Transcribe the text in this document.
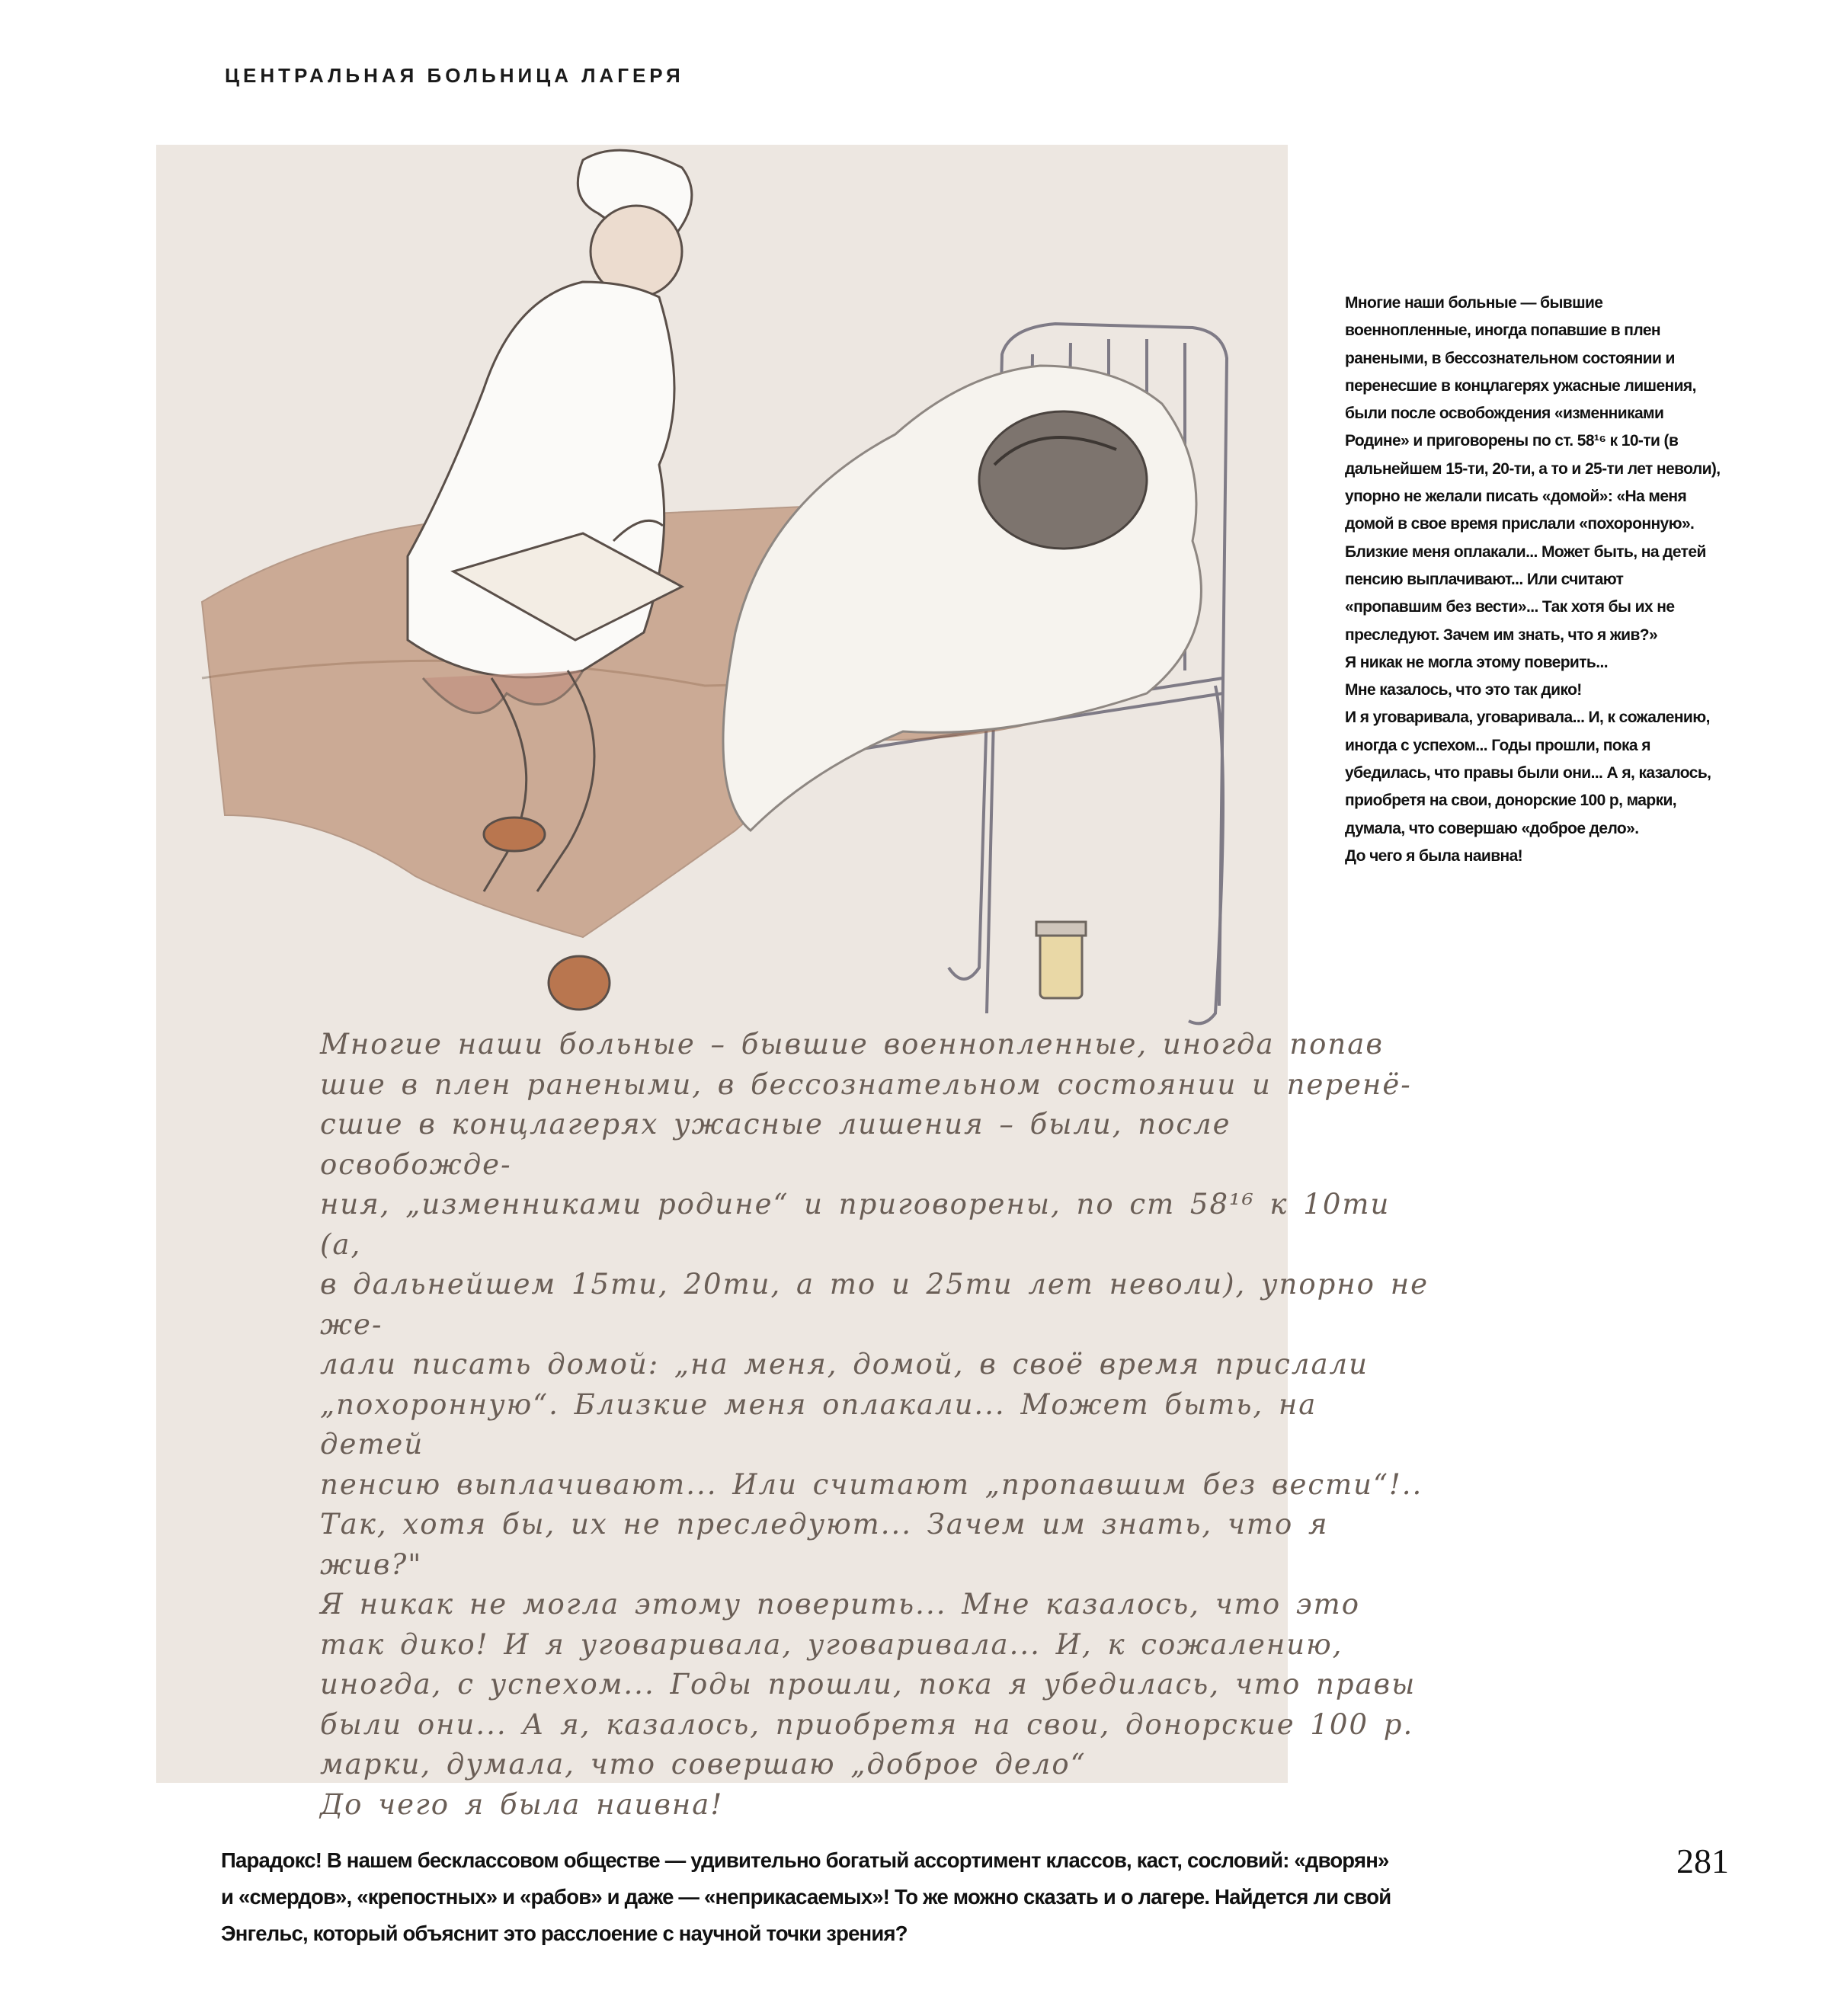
ЦЕНТРАЛЬНАЯ БОЛЬНИЦА ЛАГЕРЯ
Многие наши больные – бывшие военнопленные, иногда попав
шие в плен ранеными, в бессознательном состоянии и перенё-
сшие в концлагерях ужасные лишения – были, после освобожде-
ния, „изменниками родине“ и приговорены, по ст 58¹⁶ к 10ти (а,
в дальнейшем 15ти, 20ти, а то и 25ти лет неволи), упорно не же-
лали писать домой: „на меня, домой, в своё время прислали
„похоронную“. Близкие меня оплакали... Может быть, на детей
пенсию выплачивают... Или считают „пропавшим без вести“!..
Так, хотя бы, их не преследуют... Зачем им знать, что я жив?"
Я никак не могла этому поверить... Мне казалось, что это
так дико! И я уговаривала, уговаривала... И, к сожалению,
иногда, с успехом... Годы прошли, пока я убедилась, что правы
были они... А я, казалось, приобретя на свои, донорские 100 р.
марки, думала, что совершаю „доброе дело“
До чего я была наивна!

Многие наши больные — бывшие военнопленные, иногда попавшие в плен ранеными, в бессознательном состоянии и перенесшие в концлагерях ужасные лишения, были после освобождения «изменниками Родине» и приговорены по ст. 58¹⁶ к 10-ти (в дальнейшем 15-ти, 20-ти, а то и 25-ти лет неволи), упорно не желали писать «домой»: «На меня домой в свое время прислали «похоронную». Близкие меня оплакали... Может быть, на детей пенсию выплачивают... Или считают «пропавшим без вести»... Так хотя бы их не преследуют. Зачем им знать, что я жив?»

Я никак не могла этому поверить...

Мне казалось, что это так дико!

И я уговаривала, уговаривала... И, к сожалению, иногда с успехом... Годы прошли, пока я убедилась, что правы были они... А я, казалось, приобретя на свои, донорские 100 р, марки, думала, что совершаю «доброе дело».

До чего я была наивна!

Парадокс! В нашем бесклассовом обществе — удивительно богатый ассортимент классов, каст, сословий: «дворян»

и «смердов», «крепостных» и «рабов» и даже — «неприкасаемых»! То же можно сказать и о лагере. Найдется ли свой

Энгельс, который объяснит это расслоение с научной точки зрения?

281
